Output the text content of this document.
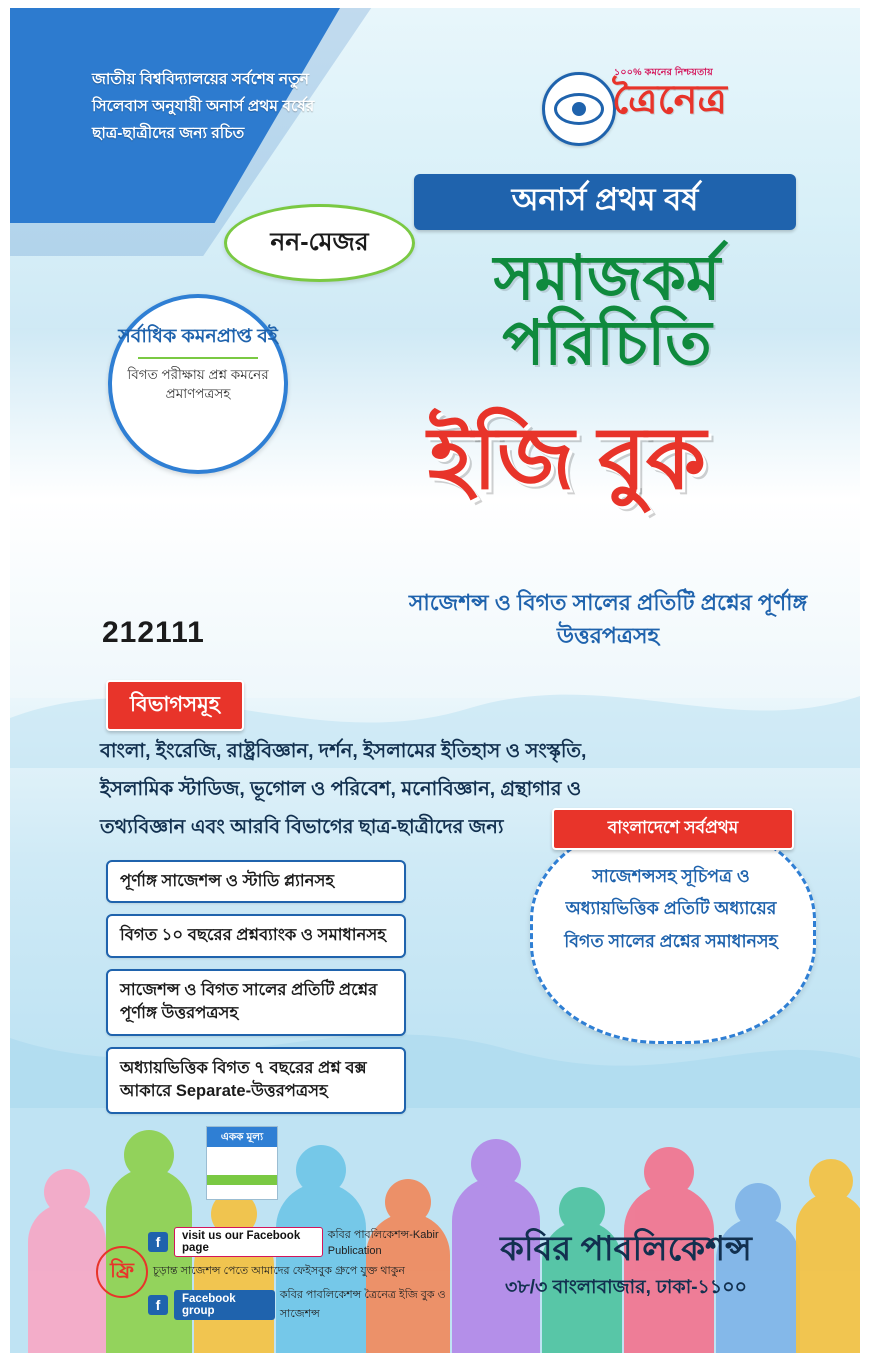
জাতীয় বিশ্ববিদ্যালয়ের সর্বশেষ নতুন সিলেবাস অনুযায়ী অনার্স প্রথম বর্ষের ছাত্র-ছাত্রীদের জন্য রচিত
১০০% কমনের নিশ্চয়তায়
ত্রৈনেত্র
নন-মেজর
অনার্স প্রথম বর্ষ
সমাজকর্ম পরিচিতি
ইজি বুক
সাজেশন্স ও বিগত সালের প্রতিটি প্রশ্নের পূর্ণাঙ্গ উত্তরপত্রসহ
সর্বাধিক কমনপ্রাপ্ত বই
বিগত পরীক্ষায় প্রশ্ন কমনের প্রমাণপত্রসহ
212111
বিভাগসমূহ
বাংলা, ইংরেজি, রাষ্ট্রবিজ্ঞান, দর্শন, ইসলামের ইতিহাস ও সংস্কৃতি, ইসলামিক স্টাডিজ, ভূগোল ও পরিবেশ, মনোবিজ্ঞান, গ্রন্থাগার ও তথ্যবিজ্ঞান এবং আরবি বিভাগের ছাত্র-ছাত্রীদের জন্য
পূর্ণাঙ্গ সাজেশন্স ও স্টাডি প্ল্যানসহ
বিগত ১০ বছরের প্রশ্নব্যাংক ও সমাধানসহ
সাজেশন্স ও বিগত সালের প্রতিটি প্রশ্নের পূর্ণাঙ্গ উত্তরপত্রসহ
অধ্যায়ভিত্তিক বিগত ৭ বছরের প্রশ্ন বক্স আকারে Separate-উত্তরপত্রসহ
বাংলাদেশে সর্বপ্রথম
সাজেশন্সসহ সূচিপত্র ও অধ্যায়ভিত্তিক প্রতিটি অধ্যায়ের বিগত সালের প্রশ্নের সমাধানসহ
একক মূল্য
ফ্রি
f	visit us our Facebook page
কবির পাবলিকেশন্স-Kabir Publication
চূড়ান্ত সাজেশন্স পেতে আমাদের ফেইসবুক গ্রুপে যুক্ত থাকুন
f	Facebook group
কবির পাবলিকেশন্স ত্রৈনেত্র ইজি বুক ও সাজেশন্স
কবির পাবলিকেশন্স
৩৮/৩ বাংলাবাজার, ঢাকা-১১০০
